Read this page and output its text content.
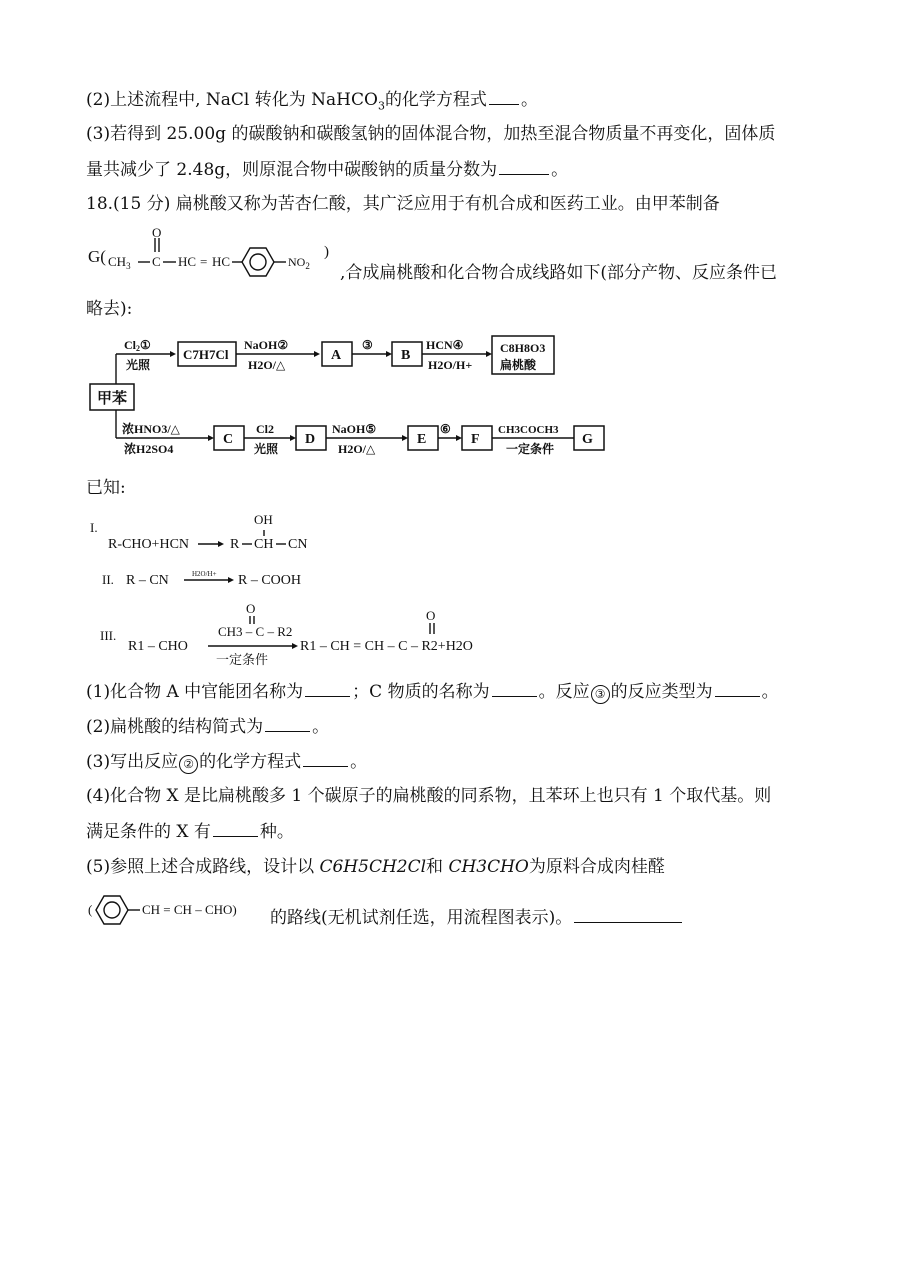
(2)上述流程中, NaCl 转化为 NaHCO$_3$的化学方程式 。
(3)若得到 25.00g 的碳酸钠和碳酸氢钠的固体混合物，加热至混合物质量不再变化，固体质
量共减少了 2.48g，则原混合物中碳酸钠的质量分数为	。
18.(15 分) 扁桃酸又称为苦杏仁酸，其广泛应用于有机合成和医药工业。由甲苯制备
G( $CH_3$ C
O
HC = HC	$NO_2$
)
,合成扁桃酸和化合物合成线路如下(部分产物、反应条件已
略去):
甲苯
Cl2①
光照
C7H7Cl
NaOH②
H2O/△
A
③
B
HCN④
H2O/H+
C8H8O3
扁桃酸
浓HNO3/△
浓H2SO4
C
Cl2
光照
D
NaOH⑤
H2O/△
E
⑥
F
CH3COCH3
一定条件
G
已知:
I.
R-CHO+HCN	R CH
OH
CN
II. R – CN	H2O/H+ R – COOH
III.
R1 – CHO
CH3 – C – R2
O
一定条件
R1 – CH = CH – C – R2+H2O
O
(1)化合物 A 中官能团名称为	；C 物质的名称为	。反应 ③ 的反应类型为	。
(2)扁桃酸的结构简式为	。
(3)写出反应 ② 的化学方程式	。
(4)化合物 X 是比扁桃酸多 1 个碳原子的扁桃酸的同系物，且苯环上也只有 1 个取代基。则
满足条件的 X 有	种。
(5)参照上述合成路线，设计以 C6H5CH2Cl和 CH3CHO为原料合成肉桂醛
(	CH = CH – CHO) 的路线(无机试剂任选，用流程图表示)。
